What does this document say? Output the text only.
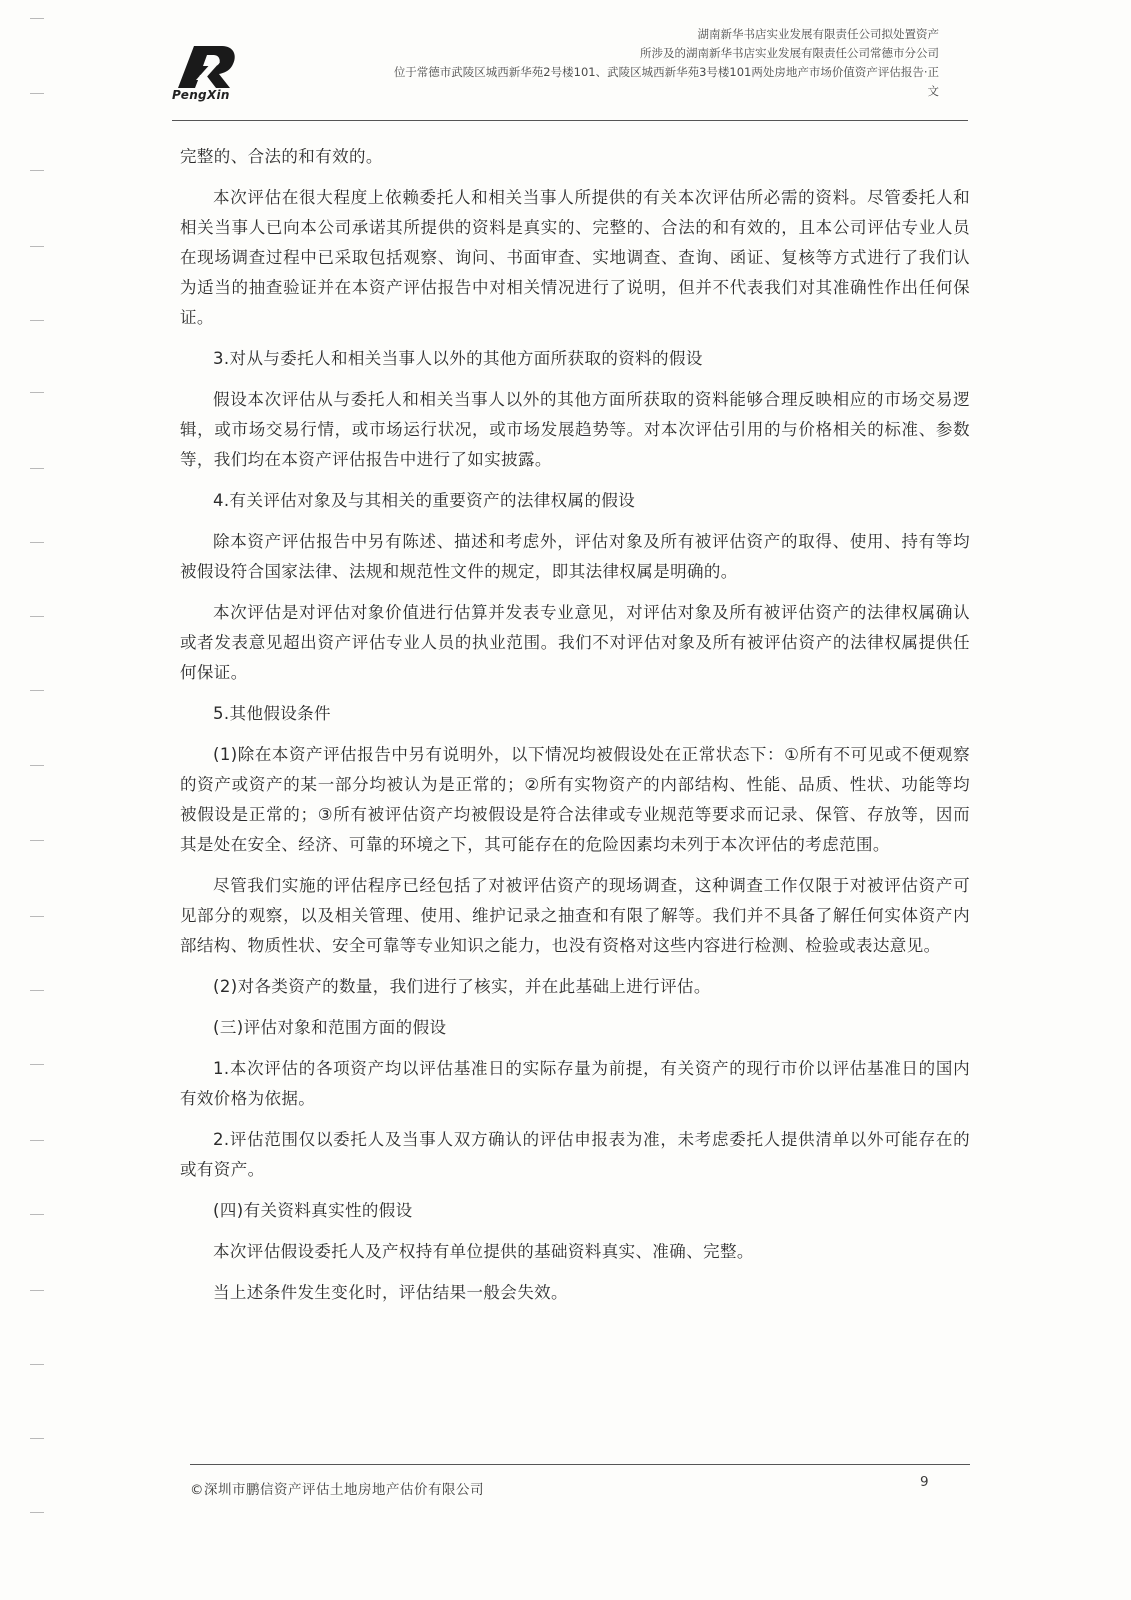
PengXin
湖南新华书店实业发展有限责任公司拟处置资产
所涉及的湖南新华书店实业发展有限责任公司常德市分公司
位于常德市武陵区城西新华苑2号楼101、武陵区城西新华苑3号楼101两处房地产市场价值资产评估报告·正
文

完整的、合法的和有效的。

本次评估在很大程度上依赖委托人和相关当事人所提供的有关本次评估所必需的资料。尽管委托人和相关当事人已向本公司承诺其所提供的资料是真实的、完整的、合法的和有效的，且本公司评估专业人员在现场调查过程中已采取包括观察、询问、书面审查、实地调查、查询、函证、复核等方式进行了我们认为适当的抽查验证并在本资产评估报告中对相关情况进行了说明，但并不代表我们对其准确性作出任何保证。

3.对从与委托人和相关当事人以外的其他方面所获取的资料的假设

假设本次评估从与委托人和相关当事人以外的其他方面所获取的资料能够合理反映相应的市场交易逻辑，或市场交易行情，或市场运行状况，或市场发展趋势等。对本次评估引用的与价格相关的标准、参数等，我们均在本资产评估报告中进行了如实披露。

4.有关评估对象及与其相关的重要资产的法律权属的假设

除本资产评估报告中另有陈述、描述和考虑外，评估对象及所有被评估资产的取得、使用、持有等均被假设符合国家法律、法规和规范性文件的规定，即其法律权属是明确的。

本次评估是对评估对象价值进行估算并发表专业意见，对评估对象及所有被评估资产的法律权属确认或者发表意见超出资产评估专业人员的执业范围。我们不对评估对象及所有被评估资产的法律权属提供任何保证。

5.其他假设条件

(1)除在本资产评估报告中另有说明外，以下情况均被假设处在正常状态下：①所有不可见或不便观察的资产或资产的某一部分均被认为是正常的；②所有实物资产的内部结构、性能、品质、性状、功能等均被假设是正常的；③所有被评估资产均被假设是符合法律或专业规范等要求而记录、保管、存放等，因而其是处在安全、经济、可靠的环境之下，其可能存在的危险因素均未列于本次评估的考虑范围。

尽管我们实施的评估程序已经包括了对被评估资产的现场调查，这种调查工作仅限于对被评估资产可见部分的观察，以及相关管理、使用、维护记录之抽查和有限了解等。我们并不具备了解任何实体资产内部结构、物质性状、安全可靠等专业知识之能力，也没有资格对这些内容进行检测、检验或表达意见。

(2)对各类资产的数量，我们进行了核实，并在此基础上进行评估。

(三)评估对象和范围方面的假设

1.本次评估的各项资产均以评估基准日的实际存量为前提，有关资产的现行市价以评估基准日的国内有效价格为依据。

2.评估范围仅以委托人及当事人双方确认的评估申报表为准，未考虑委托人提供清单以外可能存在的或有资产。

(四)有关资料真实性的假设

本次评估假设委托人及产权持有单位提供的基础资料真实、准确、完整。

当上述条件发生变化时，评估结果一般会失效。

©深圳市鹏信资产评估土地房地产估价有限公司	9
